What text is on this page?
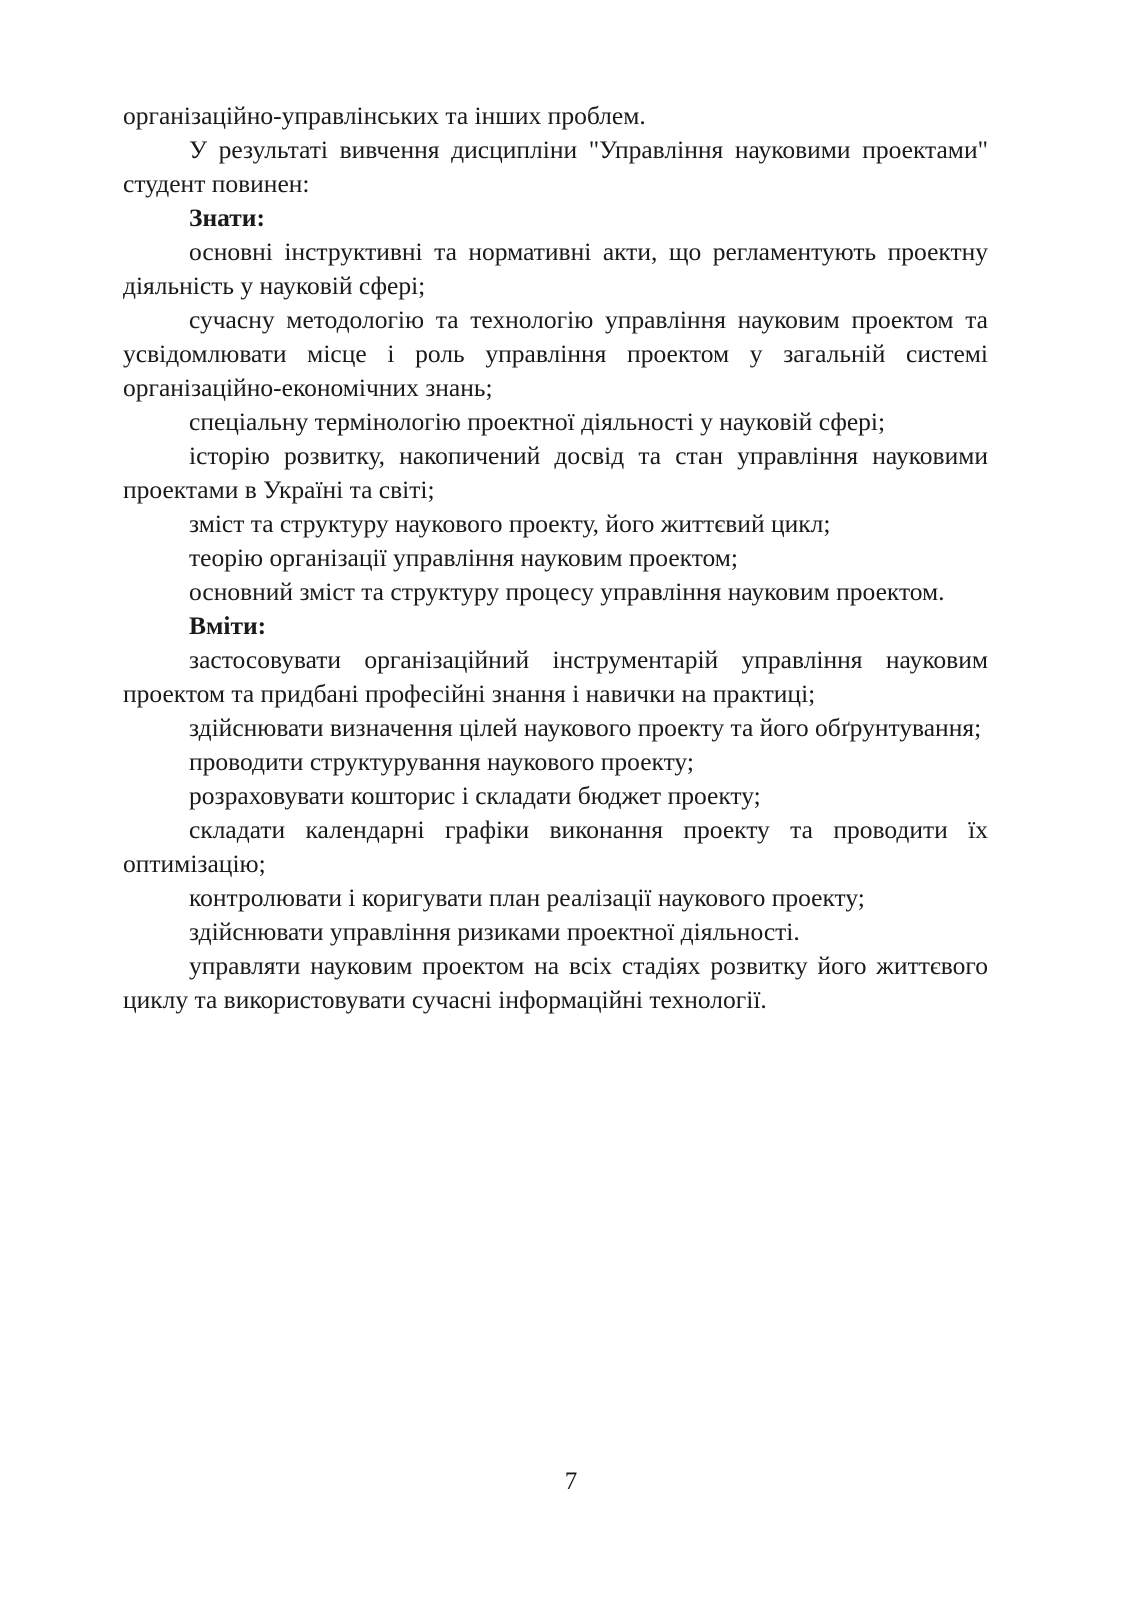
організаційно-управлінських та інших проблем.

У результаті вивчення дисципліни "Управління науковими проектами" студент повинен:

Знати:

основні інструктивні та нормативні акти, що регламентують проектну діяльність у науковій сфері;

сучасну методологію та технологію управління науковим проектом та усвідомлювати місце і роль управління проектом у загальній системі організаційно-економічних знань;

спеціальну термінологію проектної діяльності у науковій сфері;

історію розвитку, накопичений досвід та стан управління науковими проектами в Україні та світі;

зміст та структуру наукового проекту, його життєвий цикл;

теорію організації управління науковим проектом;

основний зміст та структуру процесу управління науковим проектом.

Вміти:

застосовувати організаційний інструментарій управління науковим проектом та придбані професійні знання і навички на практиці;

здійснювати визначення цілей наукового проекту та його обґрунтування;

проводити структурування наукового проекту;

розраховувати кошторис і складати бюджет проекту;

складати календарні графіки виконання проекту та проводити їх оптимізацію;

контролювати і коригувати план реалізації наукового проекту;

здійснювати управління ризиками проектної діяльності.

управляти науковим проектом на всіх стадіях розвитку його життєвого циклу та використовувати сучасні інформаційні технології.

7
